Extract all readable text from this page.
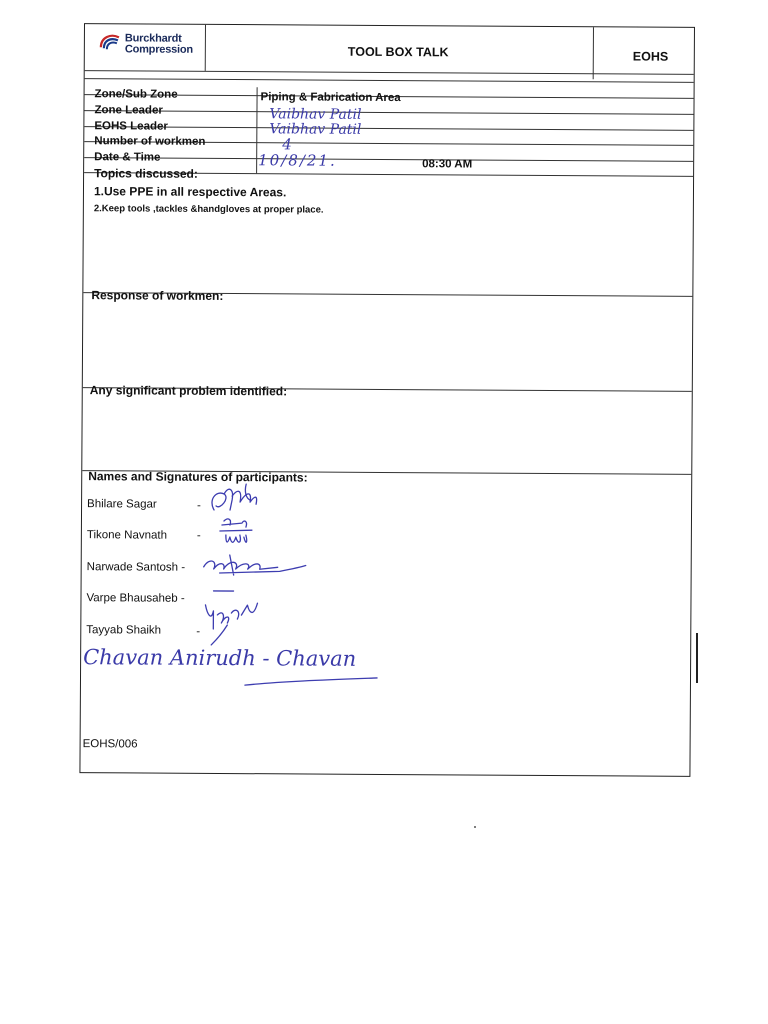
Burckhardt
Compression	TOOL BOX TALK	EOHS
Zone/Sub Zone	Piping & Fabrication Area
Zone Leader	Vaibhav Patil
EOHS Leader	Vaibhav Patil
Number of workmen	4
Date & Time	10/8/21.	08:30 AM
Topics discussed:
1.Use PPE in all respective Areas.
2.Keep tools ,tackles &handgloves at proper place.
Response of workmen:
Any significant problem identified:
Names and Signatures of participants:
Bhilare Sagar	-
Tikone Navnath	-
Narwade Santosh -
Varpe Bhausaheb -
Tayyab Shaikh	-
Chavan Anirudh - Chavan
EOHS/006
